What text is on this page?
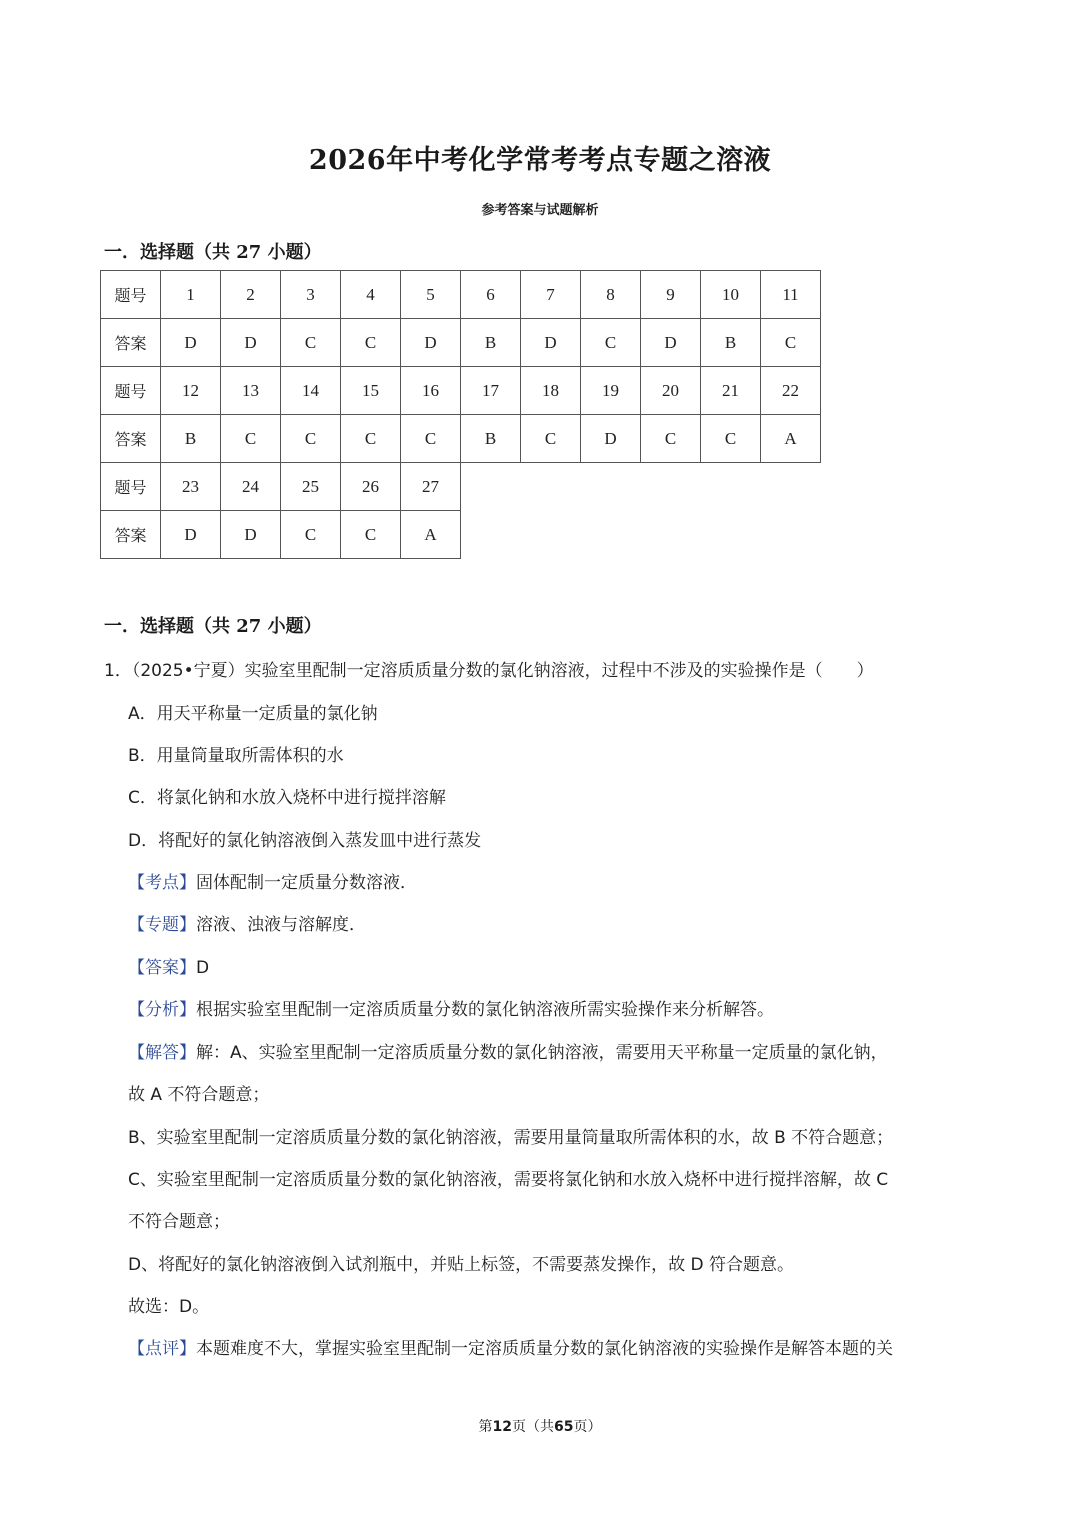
2026年中考化学常考考点专题之溶液
参考答案与试题解析
一．选择题（共 27 小题）
题号	1	2	3	4	5	6	7	8	9	10	11
答案	D	D	C	C	D	B	D	C	D	B	C
题号	12	13	14	15	16	17	18	19	20	21	22
答案	B	C	C	C	C	B	C	D	C	C	A
题号	23	24	25	26	27						
答案	D	D	C	C	A						
一．选择题（共 27 小题）
1．（2025•宁夏）实验室里配制一定溶质质量分数的氯化钠溶液，过程中不涉及的实验操作是（　　）
A．用天平称量一定质量的氯化钠
B．用量筒量取所需体积的水
C．将氯化钠和水放入烧杯中进行搅拌溶解
D．将配好的氯化钠溶液倒入蒸发皿中进行蒸发
【考点】固体配制一定质量分数溶液．
【专题】溶液、浊液与溶解度．
【答案】D
【分析】根据实验室里配制一定溶质质量分数的氯化钠溶液所需实验操作来分析解答。
【解答】解：A、实验室里配制一定溶质质量分数的氯化钠溶液，需要用天平称量一定质量的氯化钠，
故 A 不符合题意；
B、实验室里配制一定溶质质量分数的氯化钠溶液，需要用量筒量取所需体积的水，故 B 不符合题意；
C、实验室里配制一定溶质质量分数的氯化钠溶液，需要将氯化钠和水放入烧杯中进行搅拌溶解，故 C
不符合题意；
D、将配好的氯化钠溶液倒入试剂瓶中，并贴上标签，不需要蒸发操作，故 D 符合题意。
故选：D。
【点评】本题难度不大，掌握实验室里配制一定溶质质量分数的氯化钠溶液的实验操作是解答本题的关
第12页（共65页）
